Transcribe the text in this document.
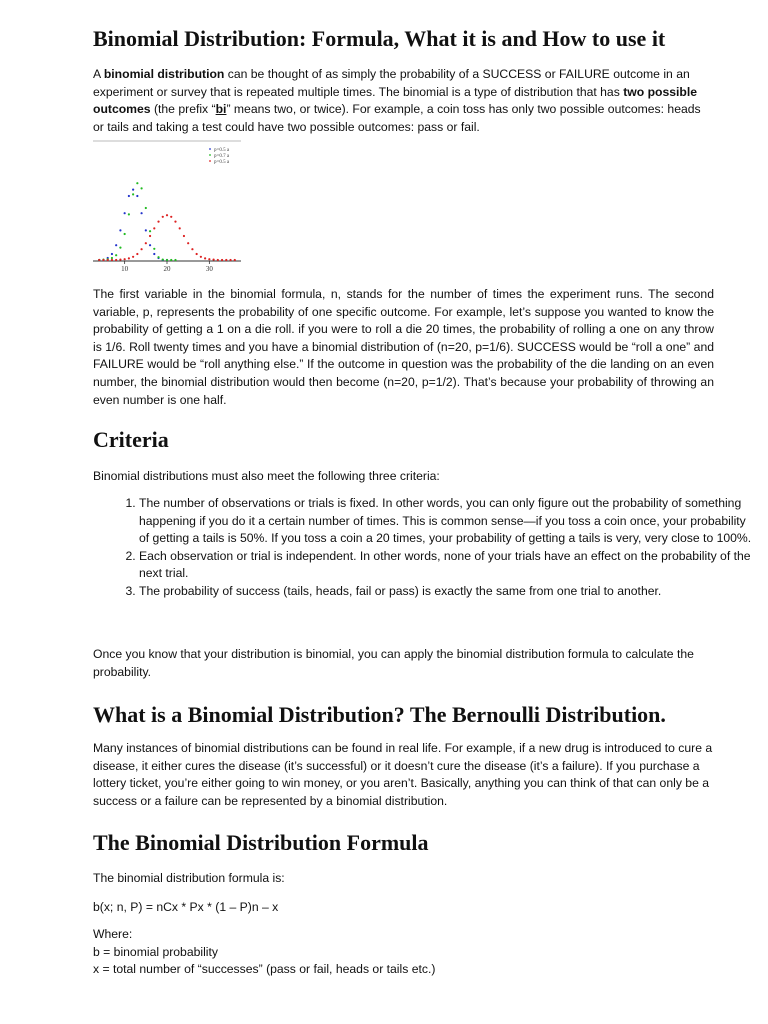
Binomial Distribution: Formula, What it is and How to use it

A binomial distribution can be thought of as simply the probability of a SUCCESS or FAILURE outcome in an experiment or survey that is repeated multiple times. The binomial is a type of distribution that has two possible outcomes (the prefix “bi” means two, or twice). For example, a coin toss has only two possible outcomes: heads or tails and taking a test could have two possible outcomes: pass or fail.

10	20	30
p=0.5 a
p=0.7 a
p=0.5 a

The first variable in the binomial formula, n, stands for the number of times the experiment runs. The second variable, p, represents the probability of one specific outcome. For example, let’s suppose you wanted to know the probability of getting a 1 on a die roll. if you were to roll a die 20 times, the probability of rolling a one on any throw is 1/6. Roll twenty times and you have a binomial distribution of (n=20, p=1/6). SUCCESS would be “roll a one” and FAILURE would be “roll anything else.” If the outcome in question was the probability of the die landing on an even number, the binomial distribution would then become (n=20, p=1/2). That’s because your probability of throwing an even number is one half.

Criteria

Binomial distributions must also meet the following three criteria:

1. The number of observations or trials is fixed. In other words, you can only figure out the probability of something happening if you do it a certain number of times. This is common sense—if you toss a coin once, your probability of getting a tails is 50%. If you toss a coin a 20 times, your probability of getting a tails is very, very close to 100%.
2. Each observation or trial is independent. In other words, none of your trials have an effect on the probability of the next trial.
3. The probability of success (tails, heads, fail or pass) is exactly the same from one trial to another.

Once you know that your distribution is binomial, you can apply the binomial distribution formula to calculate the probability.

What is a Binomial Distribution? The Bernoulli Distribution.

Many instances of binomial distributions can be found in real life. For example, if a new drug is introduced to cure a disease, it either cures the disease (it’s successful) or it doesn’t cure the disease (it’s a failure). If you purchase a lottery ticket, you’re either going to win money, or you aren’t. Basically, anything you can think of that can only be a success or a failure can be represented by a binomial distribution.

The Binomial Distribution Formula

The binomial distribution formula is:

b(x; n, P) = nCx * Px * (1 – P)n – x

Where:
b = binomial probability
x = total number of “successes” (pass or fail, heads or tails etc.)
